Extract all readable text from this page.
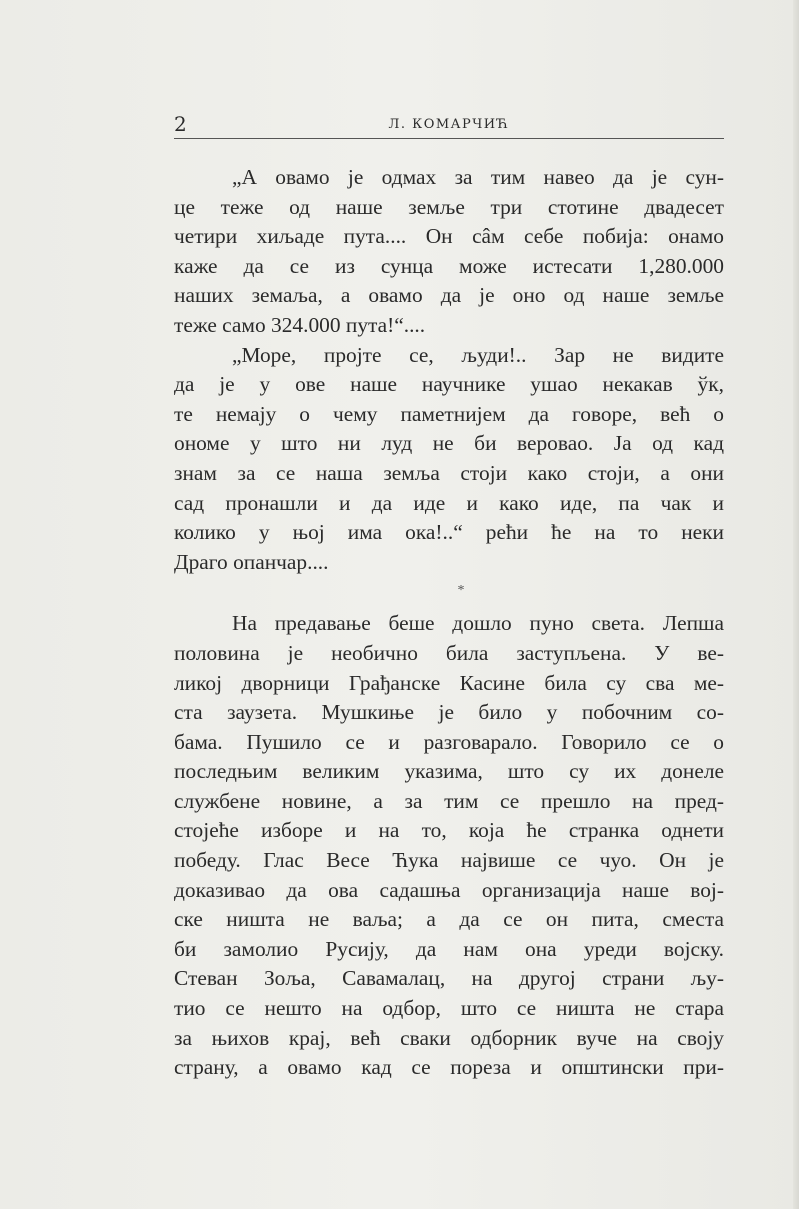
2	Л. КОМАРЧИЋ

„А овамо је одмах за тим навео да је сун-

це теже од наше земље три стотине двадесет

четири хиљаде пута.... Он сâм себе побија: онамо

каже да се из сунца може истесати 1,280.000

наших земаља, а овамо да је оно од наше земље

теже само 324.000 пута!“....

„Море, пројте се, људи!.. Зар не видите

да је у ове наше научнике ушао некакав ўк,

те немају о чему паметнијем да говоре, већ о

ономе у што ни луд не би веровао. Ја од кад

знам за се наша земља стоји како стоји, а они

сад пронашли и да иде и како иде, па чак и

колико у њој има ока!..“ рећи ће на то неки

Драго опанчар....

*

На предавање беше дошло пуно света. Лепша

половина је необично била заступљена. У ве-

ликој дворници Грађанске Касине била су сва ме-

ста заузета. Мушкиње је било у побочним со-

бама. Пушило се и разговарало. Говорило се о

последњим великим указима, што су их донеле

службене новине, а за тим се прешло на пред-

стојеће изборе и на то, која ће странка однети

победу. Глас Весе Ћука највише се чуо. Он је

доказивао да ова садашња организација наше вој-

ске ништа не ваља; а да се он пита, сместа

би замолио Русију, да нам она уреди војску.

Стеван Зоља, Савамалац, на другој страни љу-

тио се нешто на одбор, што се ништа не стара

за њихов крај, већ сваки одборник вуче на своју

страну, а овамо кад се пореза и општински при-
